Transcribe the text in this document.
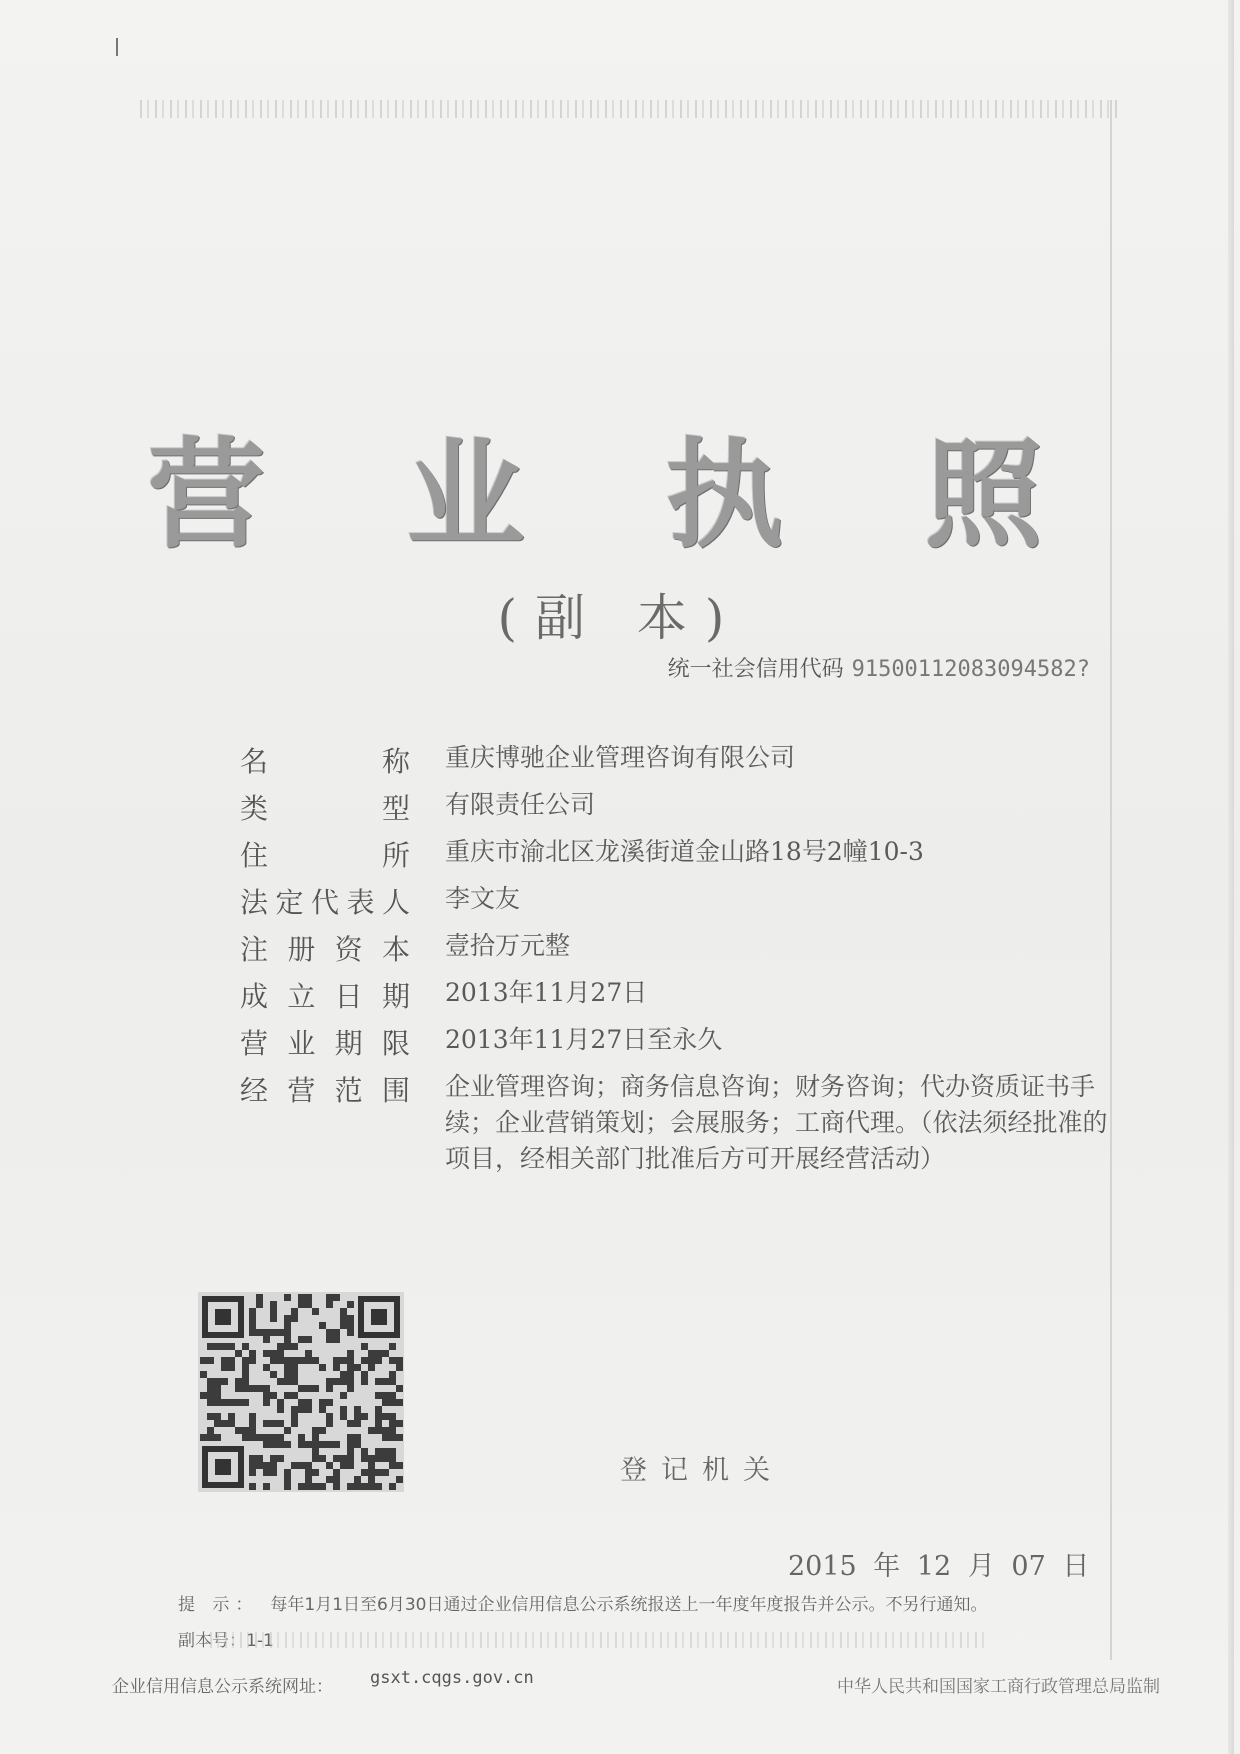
营 业 执 照
(副 本)
统一社会信用代码 91500112083094582?
名称 重庆博驰企业管理咨询有限公司
类型 有限责任公司
住所 重庆市渝北区龙溪街道金山路18号2幢10-3
法定代表人 李文友
注册资本 壹拾万元整
成立日期 2013年11月27日
营业期限 2013年11月27日至永久
经营范围 企业管理咨询；商务信息咨询；财务咨询；代办资质证书手续；企业营销策划；会展服务；工商代理。（依法须经批准的项目，经相关部门批准后方可开展经营活动）
登记机关
2015 年 12 月 07 日
提 示： 每年1月1日至6月30日通过企业信用信息公示系统报送上一年度年度报告并公示。不另行通知。
副本号：1-1
企业信用信息公示系统网址： gsxt.cqgs.gov.cn	中华人民共和国国家工商行政管理总局监制
